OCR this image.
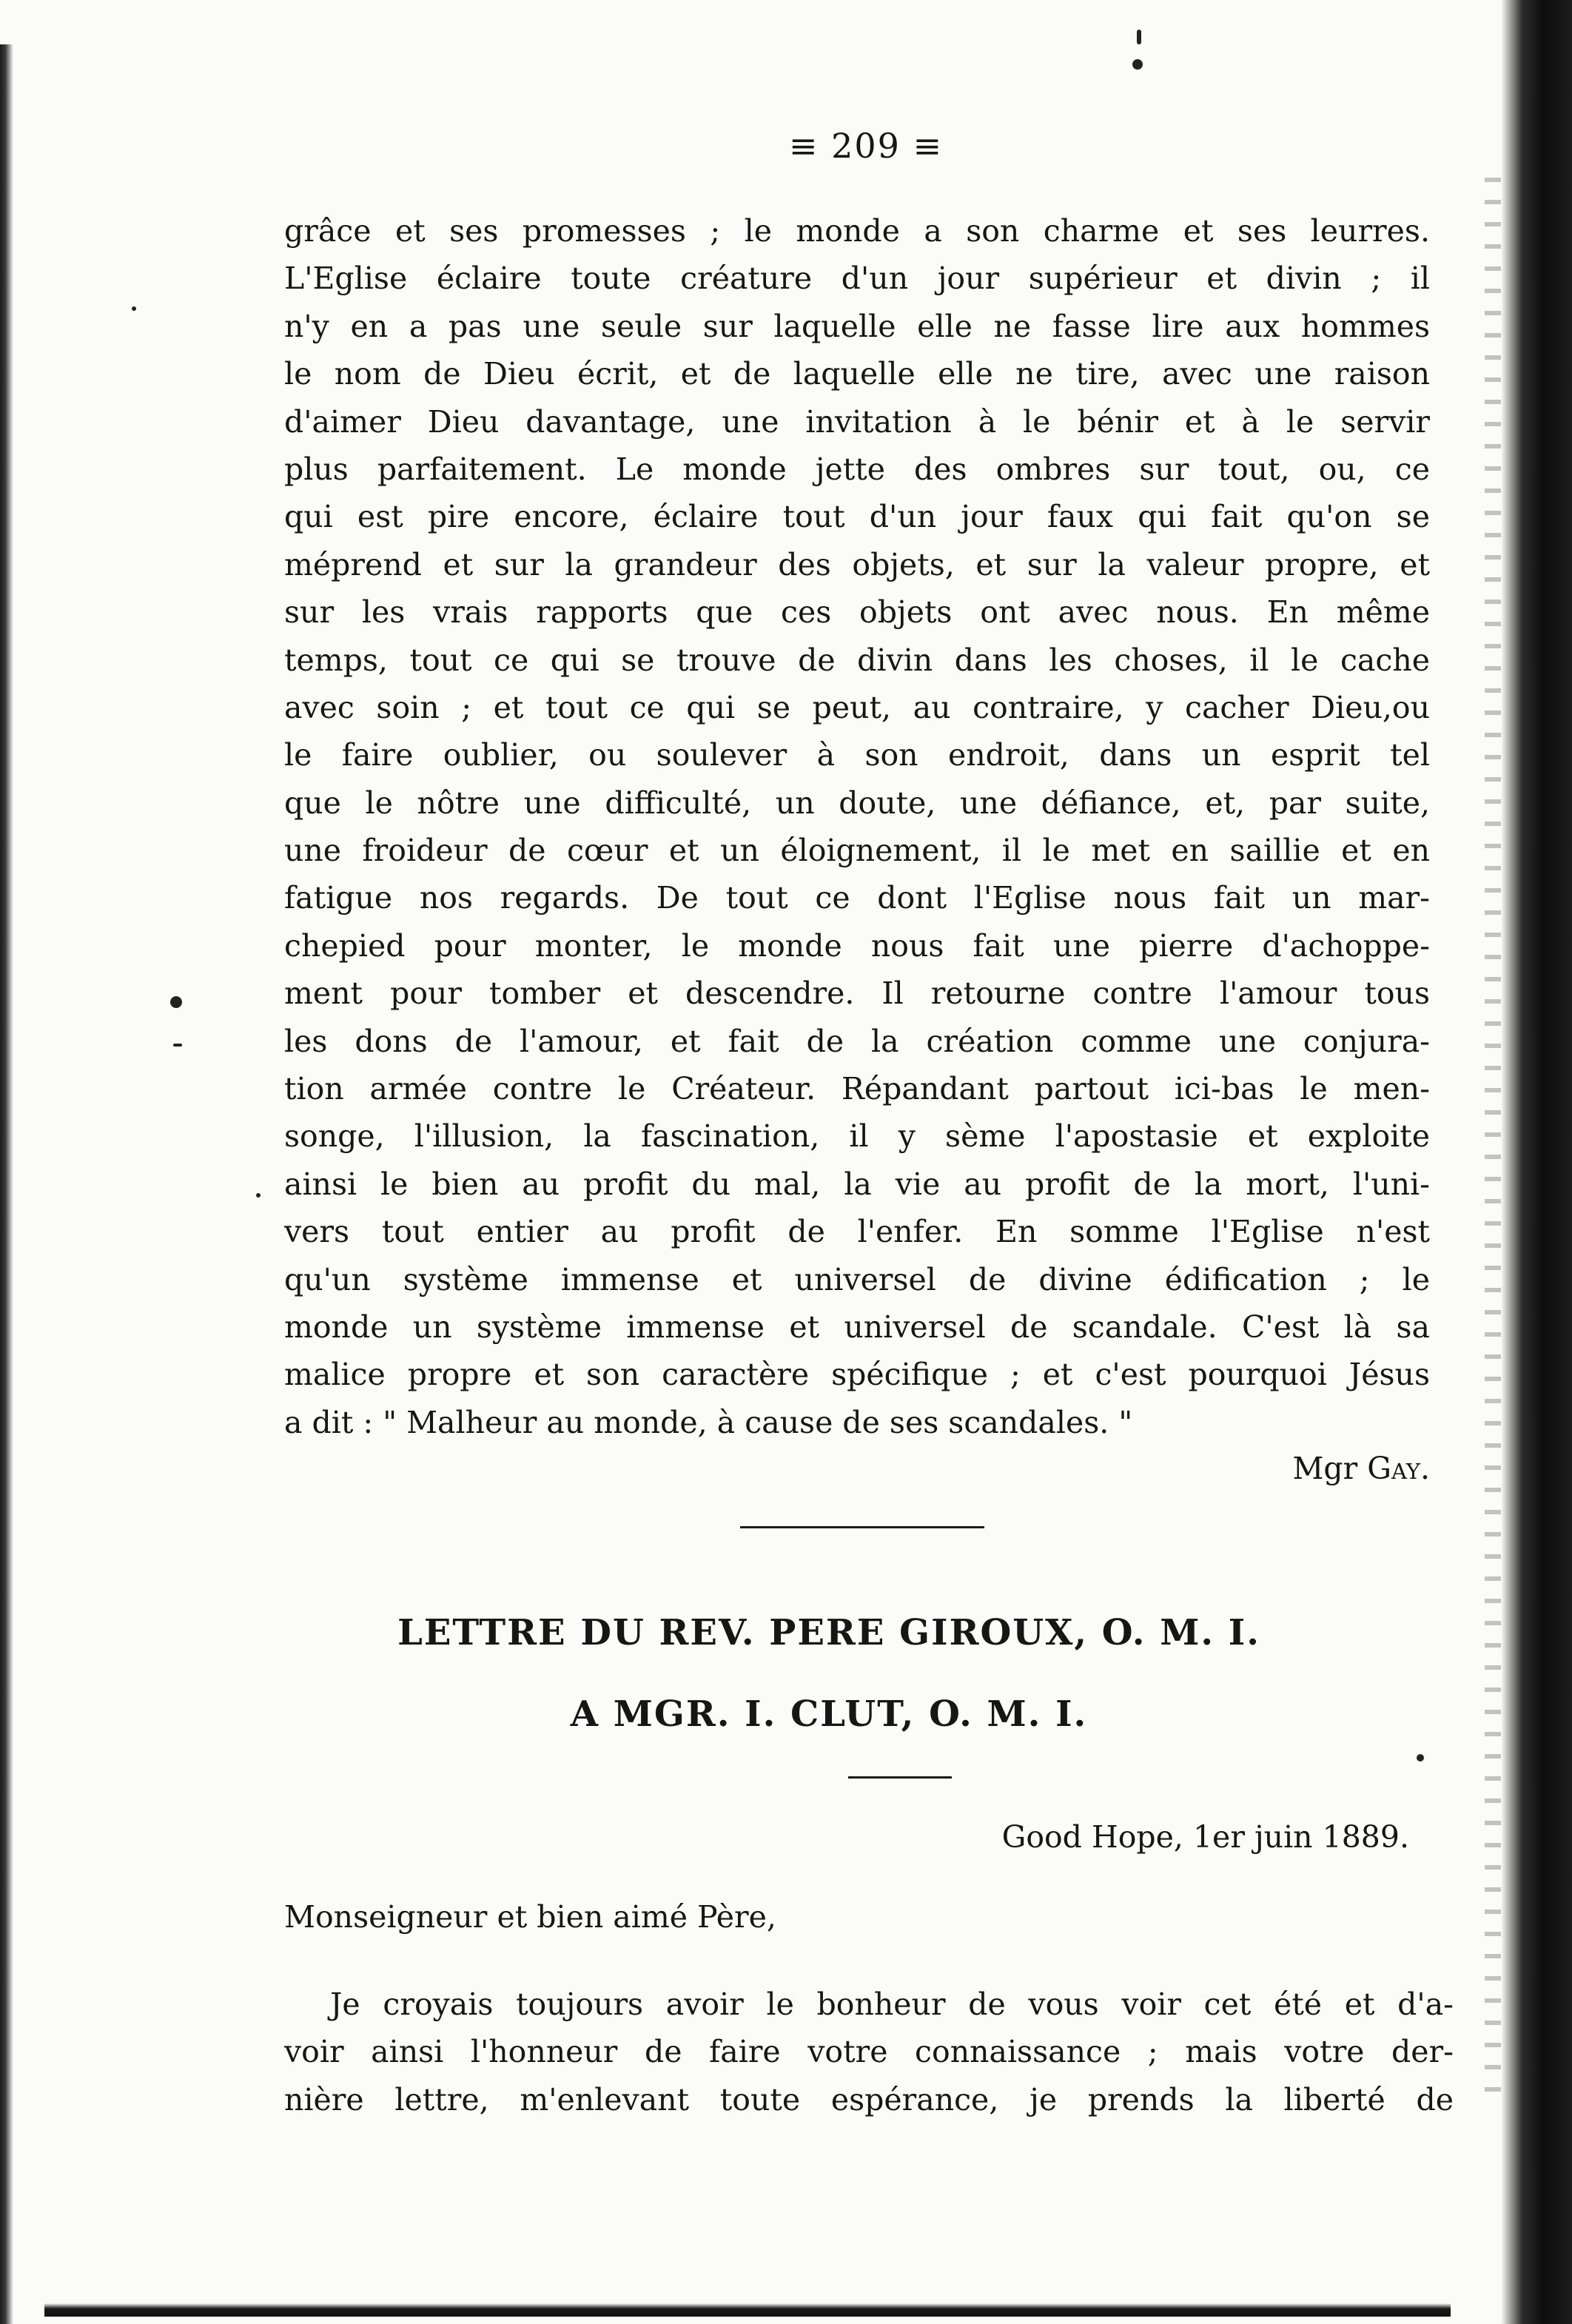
≡ 209 ≡
grâce et ses promesses ; le monde a son charme et ses leurres.
L'Eglise éclaire toute créature d'un jour supérieur et divin ; il
n'y en a pas une seule sur laquelle elle ne fasse lire aux hommes
le nom de Dieu écrit, et de laquelle elle ne tire, avec une raison
d'aimer Dieu davantage, une invitation à le bénir et à le servir
plus parfaitement. Le monde jette des ombres sur tout, ou, ce
qui est pire encore, éclaire tout d'un jour faux qui fait qu'on se
méprend et sur la grandeur des objets, et sur la valeur propre, et
sur les vrais rapports que ces objets ont avec nous. En même
temps, tout ce qui se trouve de divin dans les choses, il le cache
avec soin ; et tout ce qui se peut, au contraire, y cacher Dieu,ou
le faire oublier, ou soulever à son endroit, dans un esprit tel
que le nôtre une difficulté, un doute, une défiance, et, par suite,
une froideur de cœur et un éloignement, il le met en saillie et en
fatigue nos regards. De tout ce dont l'Eglise nous fait un mar-
chepied pour monter, le monde nous fait une pierre d'achoppe-
ment pour tomber et descendre. Il retourne contre l'amour tous
les dons de l'amour, et fait de la création comme une conjura-
tion armée contre le Créateur. Répandant partout ici-bas le men-
songe, l'illusion, la fascination, il y sème l'apostasie et exploite
ainsi le bien au profit du mal, la vie au profit de la mort, l'uni-
vers tout entier au profit de l'enfer. En somme l'Eglise n'est
qu'un système immense et universel de divine édification ; le
monde un système immense et universel de scandale. C'est là sa
malice propre et son caractère spécifique ; et c'est pourquoi Jésus
a dit : " Malheur au monde, à cause de ses scandales. "
Mgr Gay.
LETTRE DU REV. PERE GIROUX, O. M. I.
A MGR. I. CLUT, O. M. I.
Good Hope, 1er juin 1889.
Monseigneur et bien aimé Père,
Je croyais toujours avoir le bonheur de vous voir cet été et d'a-
voir ainsi l'honneur de faire votre connaissance ; mais votre der-
nière lettre, m'enlevant toute espérance, je prends la liberté de
